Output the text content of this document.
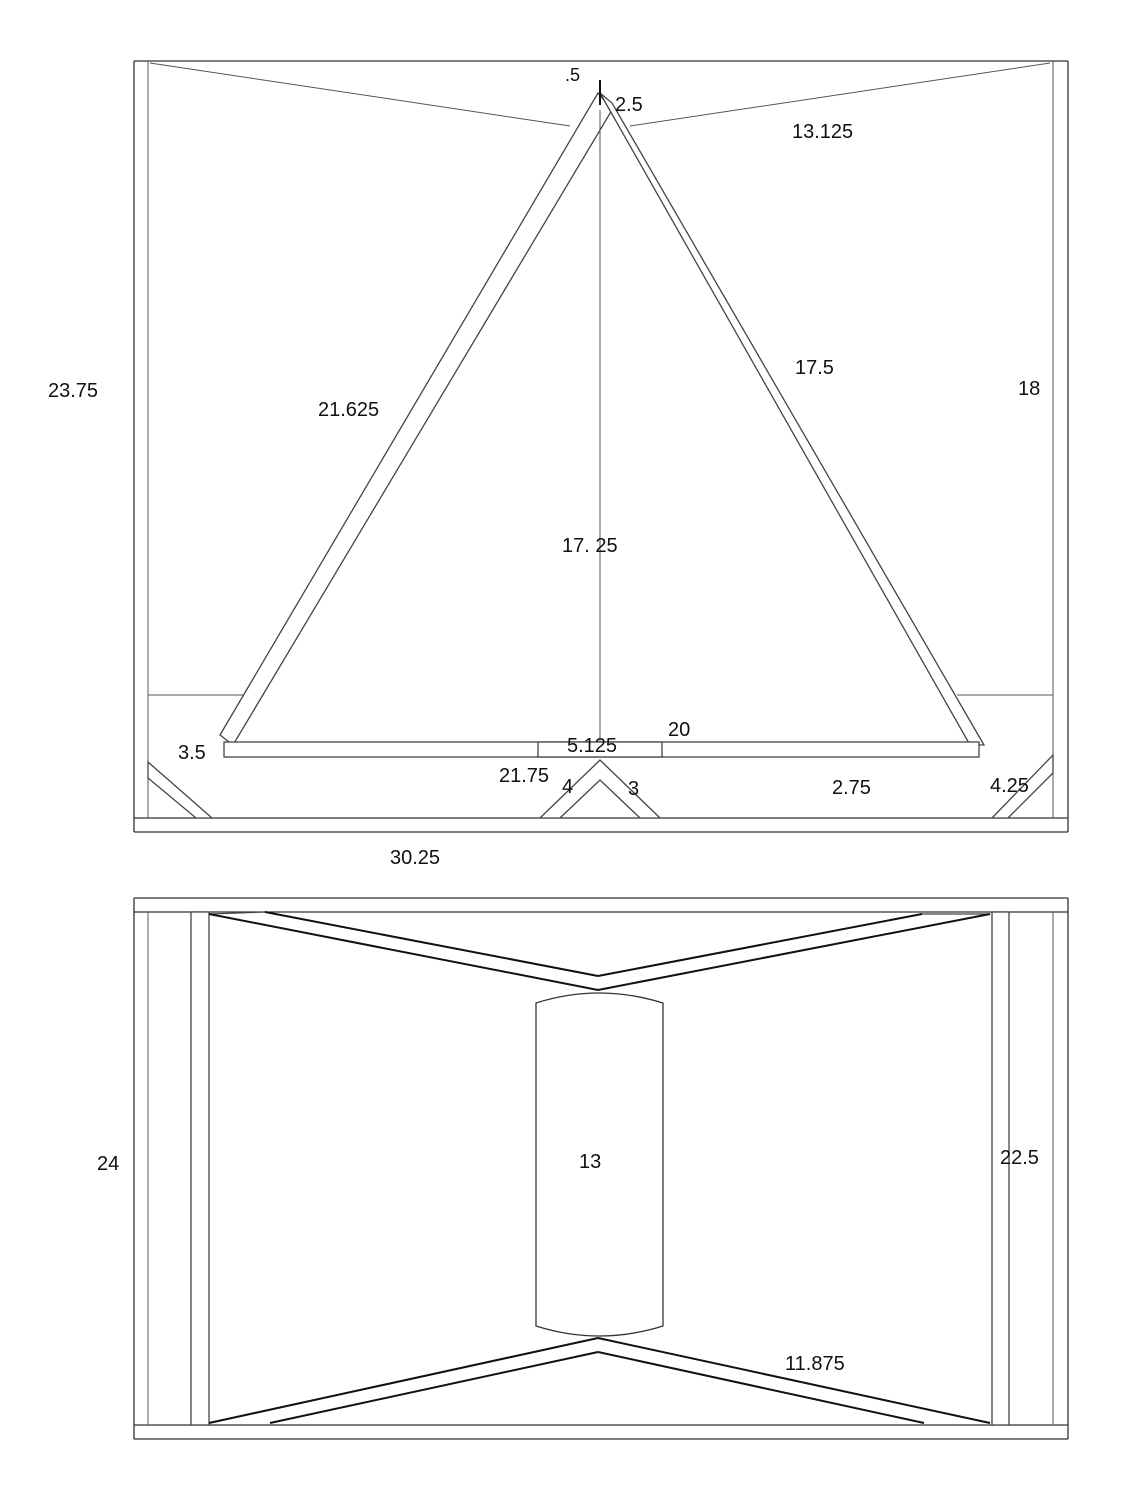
.5
2.5
13.125
17.5
18
23.75
21.625
17. 25
3.5	5.125
20
21.75 4	3	2.75	4.25
30.25
24	13	22.5
11.875
